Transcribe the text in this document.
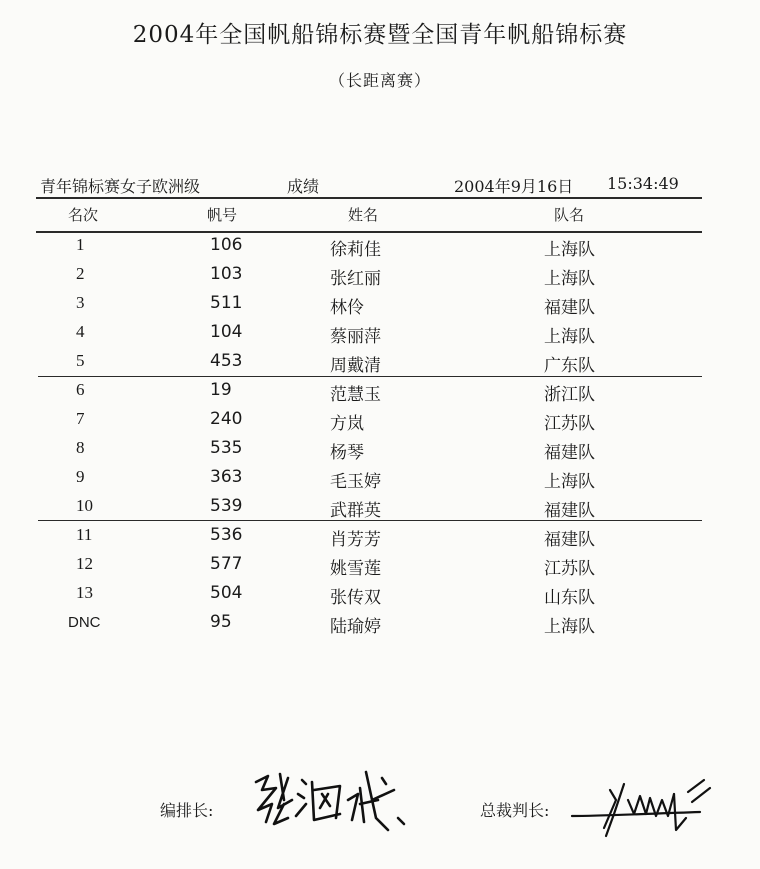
2004年全国帆船锦标赛暨全国青年帆船锦标赛
（长距离赛）
青年锦标赛女子欧洲级	成绩	2004年9月16日 15:34:49
名次	帆号	姓名	队名
1	106	徐莉佳	上海队
2	103	张红丽	上海队
3	511	林伶	福建队
4	104	蔡丽萍	上海队
5	453	周戴清	广东队
6	19	范慧玉	浙江队
7	240	方岚	江苏队
8	535	杨琴	福建队
9	363	毛玉婷	上海队
10	539	武群英	福建队
11	536	肖芳芳	福建队
12	577	姚雪莲	江苏队
13	504	张传双	山东队
DNC	95	陆瑜婷	上海队
编排长:	总裁判长:
